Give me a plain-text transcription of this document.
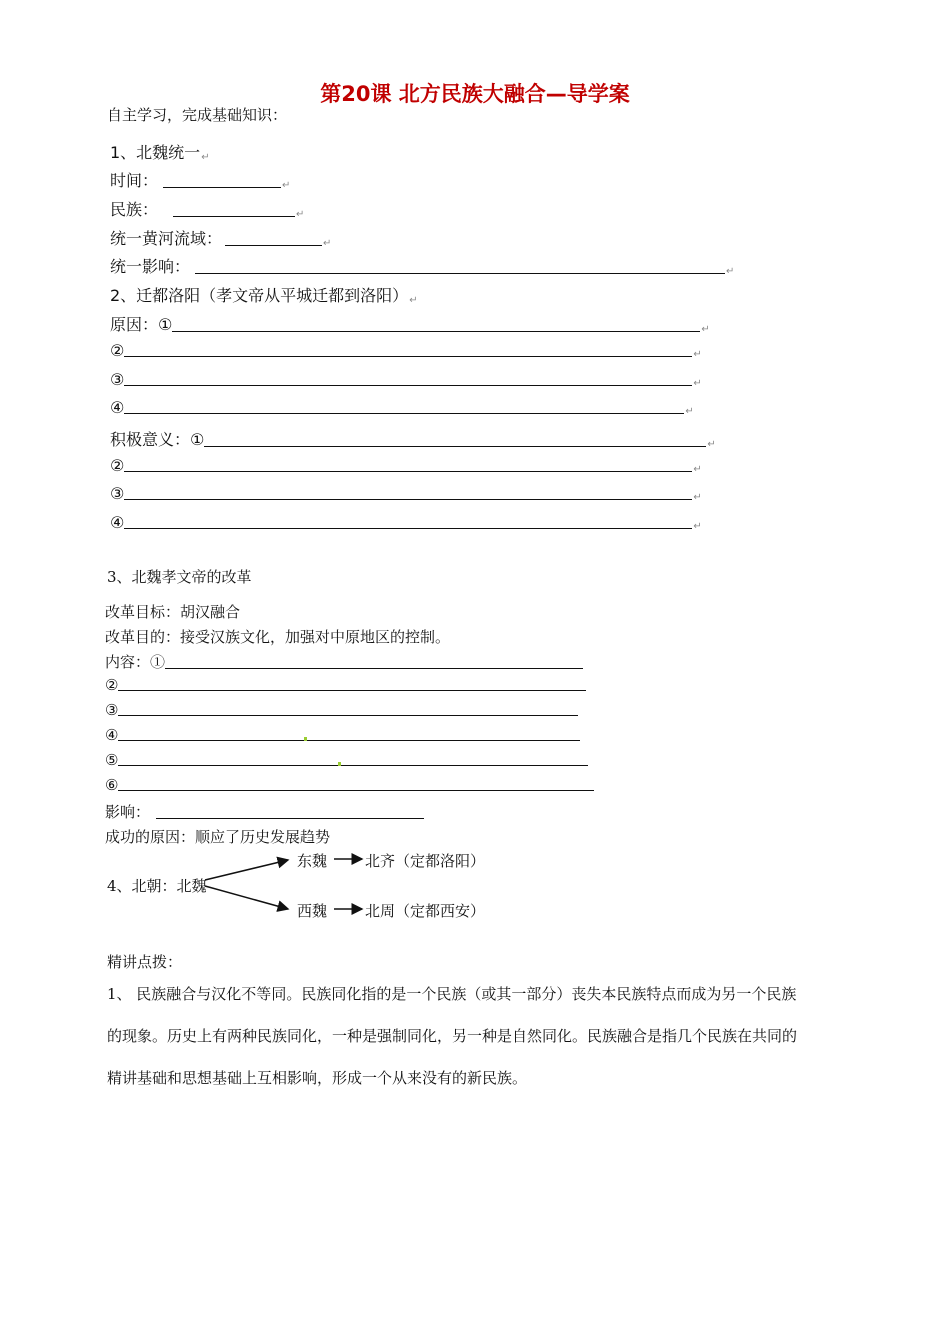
第20课 北方民族大融合—导学案
自主学习，完成基础知识：
1、北魏统一↵
时间：	↵
民族：	↵
统一黄河流域：	↵
统一影响：	↵
2、迁都洛阳（孝文帝从平城迁都到洛阳）↵
原因：①	↵
②	↵
③	↵
④	↵
积极意义：①	↵
②	↵
③	↵
④	↵
3、北魏孝文帝的改革
改革目标：胡汉融合
改革目的：接受汉族文化，加强对中原地区的控制。
内容：①
②
③
④
⑤
⑥
影响：
成功的原因：顺应了历史发展趋势
4、北朝：北魏
东魏	北齐（定都洛阳）
西魏	北周（定都西安）
精讲点拨：
1、 民族融合与汉化不等同。民族同化指的是一个民族（或其一部分）丧失本民族特点而成为另一个民族的现象。历史上有两种民族同化，一种是强制同化，另一种是自然同化。民族融合是指几个民族在共同的精讲基础和思想基础上互相影响，形成一个从来没有的新民族。
